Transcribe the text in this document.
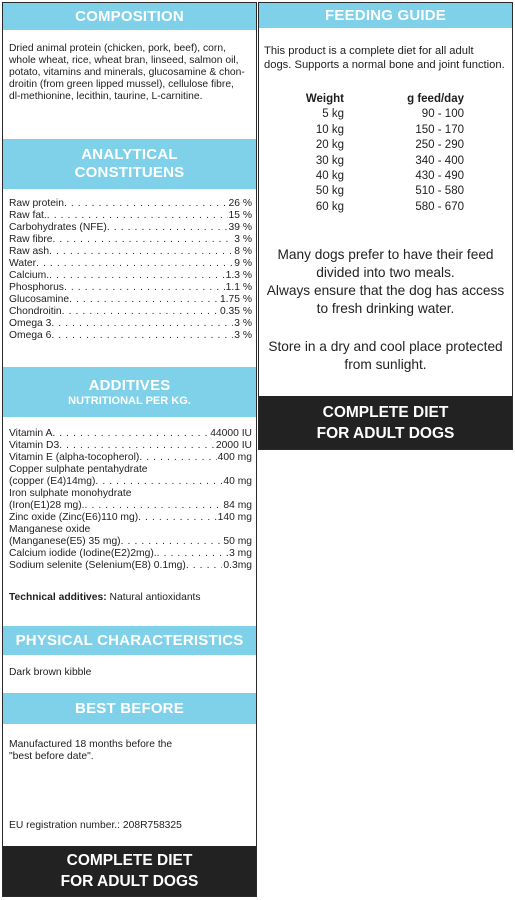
COMPOSITION
Dried animal protein (chicken, pork, beef), corn,
whole wheat, rice, wheat bran, linseed, salmon oil,
potato, vitamins and minerals, glucosamine & chon-
droitin (from green lipped mussel), cellulose fibre,
dl-methionine, lecithin, taurine, L-carnitine.
ANALYTICAL
CONSTITUENS
Raw protein . . .	26 %
Raw fat. . . .	15 %
Carbohydrates (NFE) . . .	39 %
Raw fibre . . .	3 %
Raw ash . . .	8 %
Water . . .	9 %
Calcium. . . .	1.3 %
Phosphorus . . .	1.1 %
Glucosamine . . .	1.75 %
Chondroitin . . .	0.35 %
Omega 3 . . .	3 %
Omega 6 . . .	3 %
ADDITIVES
NUTRITIONAL PER KG.
Vitamin A . . .	44000 IU
Vitamin D3 . . .	2000 IU
Vitamin E (alpha-tocopherol) . . .	400 mg
Copper sulphate pentahydrate
(copper (E4)14mg) . . .	40 mg
Iron sulphate monohydrate
(Iron(E1)28 mg). . . .	84 mg
Zinc oxide (Zinc(E6)110 mg) . . .	140 mg
Manganese oxide
(Manganese(E5) 35 mg) . . .	50 mg
Calcium iodide (Iodine(E2)2mg). . . .	3 mg
Sodium selenite (Selenium(E8) 0.1mg) . . .	0.3mg
Technical additives: Natural antioxidants
PHYSICAL CHARACTERISTICS
Dark brown kibble
BEST BEFORE
Manufactured 18 months before the
"best before date".
EU registration number.: 208R758325
COMPLETE DIET
FOR ADULT DOGS
FEEDING GUIDE
This product is a complete diet for all adult
dogs. Supports a normal bone and joint function.
Weight	g feed/day
5 kg	90 - 100
10 kg	150 - 170
20 kg	250 - 290
30 kg	340 - 400
40 kg	430 - 490
50 kg	510 - 580
60 kg	580 - 670
Many dogs prefer to have their feed
divided into two meals.
Always ensure that the dog has access
to fresh drinking water.
Store in a dry and cool place protected
from sunlight.
COMPLETE DIET
FOR ADULT DOGS
